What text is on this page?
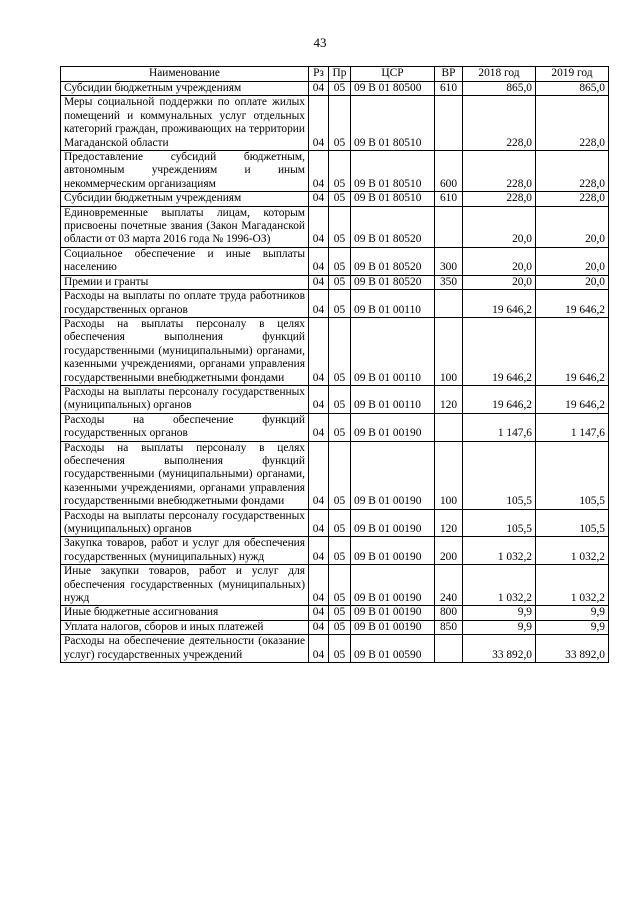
43
Наименование	Рз	Пр	ЦСР	ВР	2018 год	2019 год
Субсидии бюджетным учреждениям	04	05	09 В 01 80500	610	865,0	865,0
Меры социальной поддержки по оплате жилых помещений и коммунальных услуг отдельных категорий граждан, проживающих на территории Магаданской области	04	05	09 В 01 80510		228,0	228,0
Предоставление субсидий бюджетным, автономным учреждениям и иным некоммерческим организациям	04	05	09 В 01 80510	600	228,0	228,0
Субсидии бюджетным учреждениям	04	05	09 В 01 80510	610	228,0	228,0
Единовременные выплаты лицам, которым присвоены почетные звания (Закон Магаданской области от 03 марта 2016 года № 1996-ОЗ)	04	05	09 В 01 80520		20,0	20,0
Социальное обеспечение и иные выплаты населению	04	05	09 В 01 80520	300	20,0	20,0
Премии и гранты	04	05	09 В 01 80520	350	20,0	20,0
Расходы на выплаты по оплате труда работников государственных органов	04	05	09 В 01 00110		19 646,2	19 646,2
Расходы на выплаты персоналу в целях обеспечения выполнения функций государственными (муниципальными) органами, казенными учреждениями, органами управления государственными внебюджетными фондами	04	05	09 В 01 00110	100	19 646,2	19 646,2
Расходы на выплаты персоналу государственных (муниципальных) органов	04	05	09 В 01 00110	120	19 646,2	19 646,2
Расходы на обеспечение функций государственных органов	04	05	09 В 01 00190		1 147,6	1 147,6
Расходы на выплаты персоналу в целях обеспечения выполнения функций государственными (муниципальными) органами, казенными учреждениями, органами управления государственными внебюджетными фондами	04	05	09 В 01 00190	100	105,5	105,5
Расходы на выплаты персоналу государственных (муниципальных) органов	04	05	09 В 01 00190	120	105,5	105,5
Закупка товаров, работ и услуг для обеспечения государственных (муниципальных) нужд	04	05	09 В 01 00190	200	1 032,2	1 032,2
Иные закупки товаров, работ и услуг для обеспечения государственных (муниципальных) нужд	04	05	09 В 01 00190	240	1 032,2	1 032,2
Иные бюджетные ассигнования	04	05	09 В 01 00190	800	9,9	9,9
Уплата налогов, сборов и иных платежей	04	05	09 В 01 00190	850	9,9	9,9
Расходы на обеспечение деятельности (оказание услуг) государственных учреждений	04	05	09 В 01 00590		33 892,0	33 892,0
